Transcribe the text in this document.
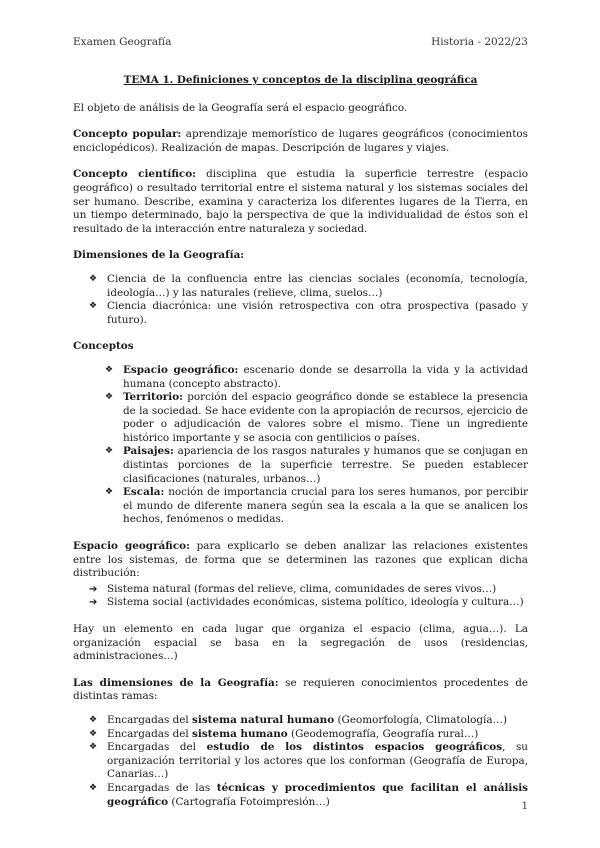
Examen Geografía	Historia - 2022/23
TEMA 1. Definiciones y conceptos de la disciplina geográfica

El objeto de análisis de la Geografía será el espacio geográfico.

Concepto popular: aprendizaje memorístico de lugares geográficos (conocimientos enciclopédicos). Realización de mapas. Descripción de lugares y viajes.

Concepto científico: disciplina que estudia la superficie terrestre (espacio geográfico) o resultado territorial entre el sistema natural y los sistemas sociales del ser humano. Describe, examina y caracteriza los diferentes lugares de la Tierra, en un tiempo determinado, bajo la perspectiva de que la individualidad de éstos son el resultado de la interacción entre naturaleza y sociedad.

Dimensiones de la Geografía:

❖ Ciencia de la confluencia entre las ciencias sociales (economía, tecnología, ideología…) y las naturales (relieve, clima, suelos…)
❖ Ciencia diacrónica: une visión retrospectiva con otra prospectiva (pasado y futuro).

Conceptos

❖ Espacio geográfico: escenario donde se desarrolla la vida y la actividad humana (concepto abstracto).
❖ Territorio: porción del espacio geográfico donde se establece la presencia de la sociedad. Se hace evidente con la apropiación de recursos, ejercicio de poder o adjudicación de valores sobre el mismo. Tiene un ingrediente histórico importante y se asocia con gentilicios o países.
❖ Paisajes: apariencia de los rasgos naturales y humanos que se conjugan en distintas porciones de la superficie terrestre. Se pueden establecer clasificaciones (naturales, urbanos…)
❖ Escala: noción de importancia crucial para los seres humanos, por percibir el mundo de diferente manera según sea la escala a la que se analicen los hechos, fenómenos o medidas.

Espacio geográfico: para explicarlo se deben analizar las relaciones existentes entre los sistemas, de forma que se determinen las razones que explican dicha distribución:

➔ Sistema natural (formas del relieve, clima, comunidades de seres vivos…)
➔ Sistema social (actividades económicas, sistema político, ideología y cultura…)

Hay un elemento en cada lugar que organiza el espacio (clima, agua…). La organización espacial se basa en la segregación de usos (residencias, administraciones…)

Las dimensiones de la Geografía: se requieren conocimientos procedentes de distintas ramas:

❖ Encargadas del sistema natural humano (Geomorfología, Climatología…)
❖ Encargadas del sistema humano (Geodemografía, Geografía rural…)
❖ Encargadas del estudio de los distintos espacios geográficos, su organización territorial y los actores que los conforman (Geografía de Europa, Canarias…)
❖ Encargadas de las técnicas y procedimientos que facilitan el análisis geográfico (Cartografía Fotoimpresión…)	1
